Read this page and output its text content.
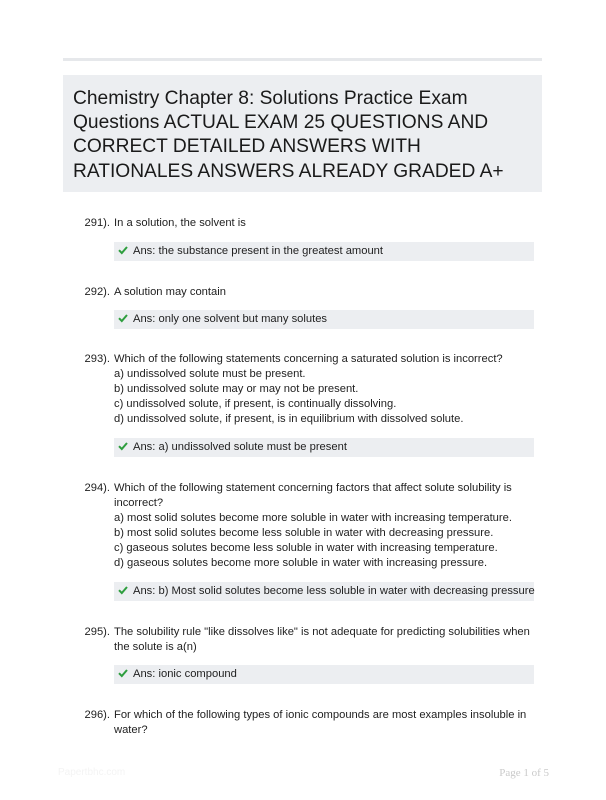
Chemistry Chapter 8: Solutions Practice Exam Questions ACTUAL EXAM 25 QUESTIONS AND CORRECT DETAILED ANSWERS WITH RATIONALES ANSWERS ALREADY GRADED A+
291). In a solution, the solvent is

Ans: the substance present in the greatest amount
292). A solution may contain

Ans: only one solvent but many solutes
293). Which of the following statements concerning a saturated solution is incorrect?

a) undissolved solute must be present.

b) undissolved solute may or may not be present.

c) undissolved solute, if present, is continually dissolving.

d) undissolved solute, if present, is in equilibrium with dissolved solute.

Ans: a) undissolved solute must be present
294). Which of the following statement concerning factors that affect solute solubility is incorrect?

a) most solid solutes become more soluble in water with increasing temperature.

b) most solid solutes become less soluble in water with decreasing pressure.

c) gaseous solutes become less soluble in water with increasing temperature.

d) gaseous solutes become more soluble in water with increasing pressure.

Ans: b) Most solid solutes become less soluble in water with decreasing pressure
295). The solubility rule "like dissolves like" is not adequate for predicting solubilities when the solute is a(n)

Ans: ionic compound
296). For which of the following types of ionic compounds are most examples insoluble in water?

Papertbhc.com	Page 1 of 5
